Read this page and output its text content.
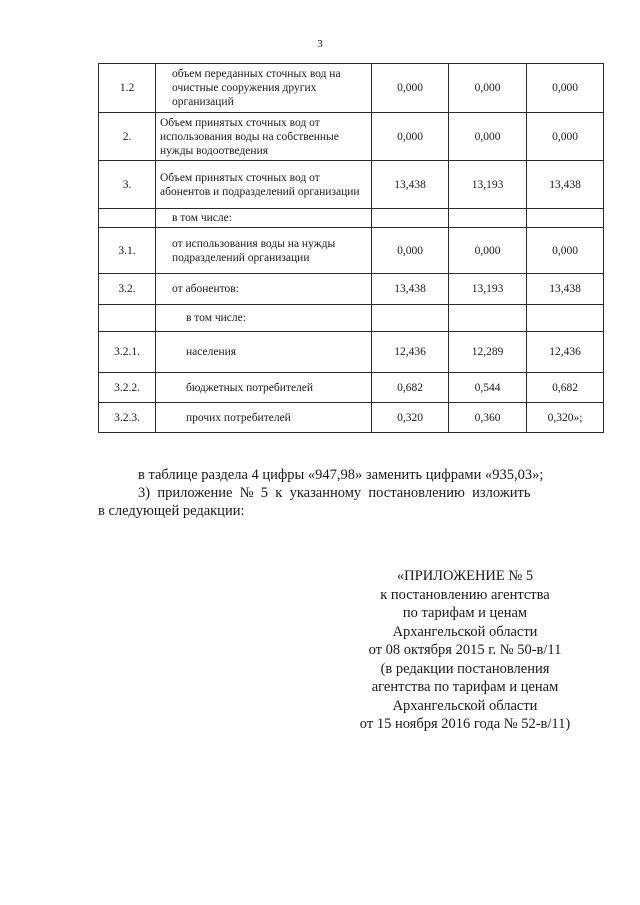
3
1.2	объем переданных сточных вод на очистные сооружения других организаций	0,000	0,000	0,000
2.	Объем принятых сточных вод от использования воды на собственные нужды водоотведения	0,000	0,000	0,000
3.	Объем принятых сточных вод от абонентов и подразделений организации	13,438	13,193	13,438
	в том числе:			
3.1.	от использования воды на нужды подразделений организации	0,000	0,000	0,000
3.2.	от абонентов:	13,438	13,193	13,438
	в том числе:			
3.2.1.	населения	12,436	12,289	12,436
3.2.2.	бюджетных потребителей	0,682	0,544	0,682
3.2.3.	прочих потребителей	0,320	0,360	0,320»;
в таблице раздела 4 цифры «947,98» заменить цифрами «935,03»;
3)  приложение  №  5  к  указанному  постановлению  изложить
в следующей редакции:
«ПРИЛОЖЕНИЕ № 5
к постановлению агентства
по тарифам и ценам
Архангельской области
от 08 октября 2015 г. № 50-в/11
(в редакции постановления
агентства по тарифам и ценам
Архангельской области
от 15 ноября 2016 года № 52-в/11)
